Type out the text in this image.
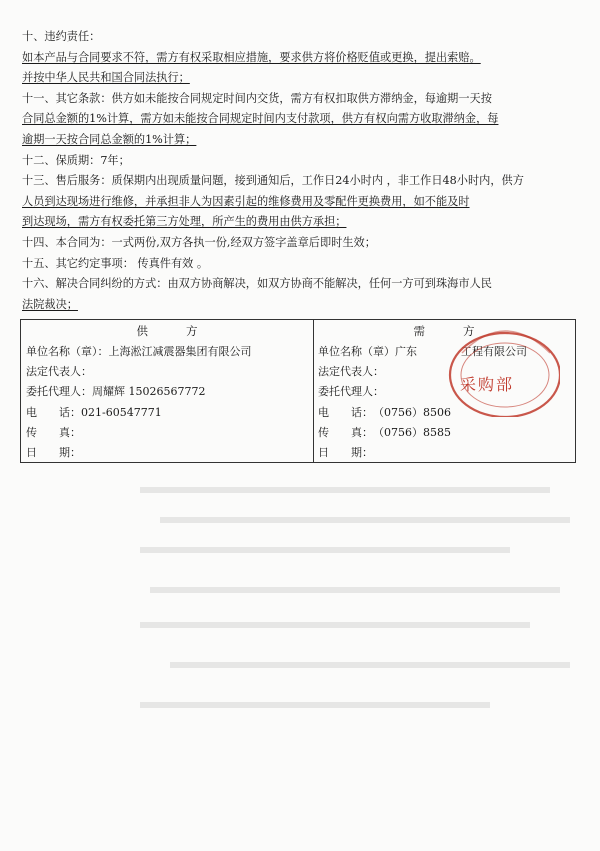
十、违约责任：
如本产品与合同要求不符，需方有权采取相应措施，要求供方将价格贬值或更换，提出索赔。
并按中华人民共和国合同法执行；
十一、其它条款：供方如未能按合同规定时间内交货，需方有权扣取供方滞纳金，每逾期一天按
合同总金额的1%计算，需方如未能按合同规定时间内支付款项，供方有权向需方收取滞纳金，每
逾期一天按合同总金额的1%计算；
十二、保质期：7年；
十三、售后服务：质保期内出现质量问题，接到通知后，工作日24小时内 ，非工作日48小时内，供方
人员到达现场进行维修，并承担非人为因素引起的维修费用及零配件更换费用，如不能及时
到达现场，需方有权委托第三方处理，所产生的费用由供方承担；
十四、本合同为：一式两份,双方各执一份,经双方签字盖章后即时生效；
十五、其它约定事项： 传真件有效 。
十六、解决合同纠纷的方式：由双方协商解决，如双方协商不能解决，任何一方可到珠海市人民
法院裁决；
供方
单位名称（章）：上海淞江减震器集团有限公司
法定代表人：
委托代理人：周耀辉 15026567772
电　　话：021-60547771
传　　真：
日　　期：
需方
单位名称（章）广东　　　　工程有限公司
法定代表人：
委托代理人：
电　　话：（0756）8506
传　　真：（0756）8585
日　　期：
采购部
